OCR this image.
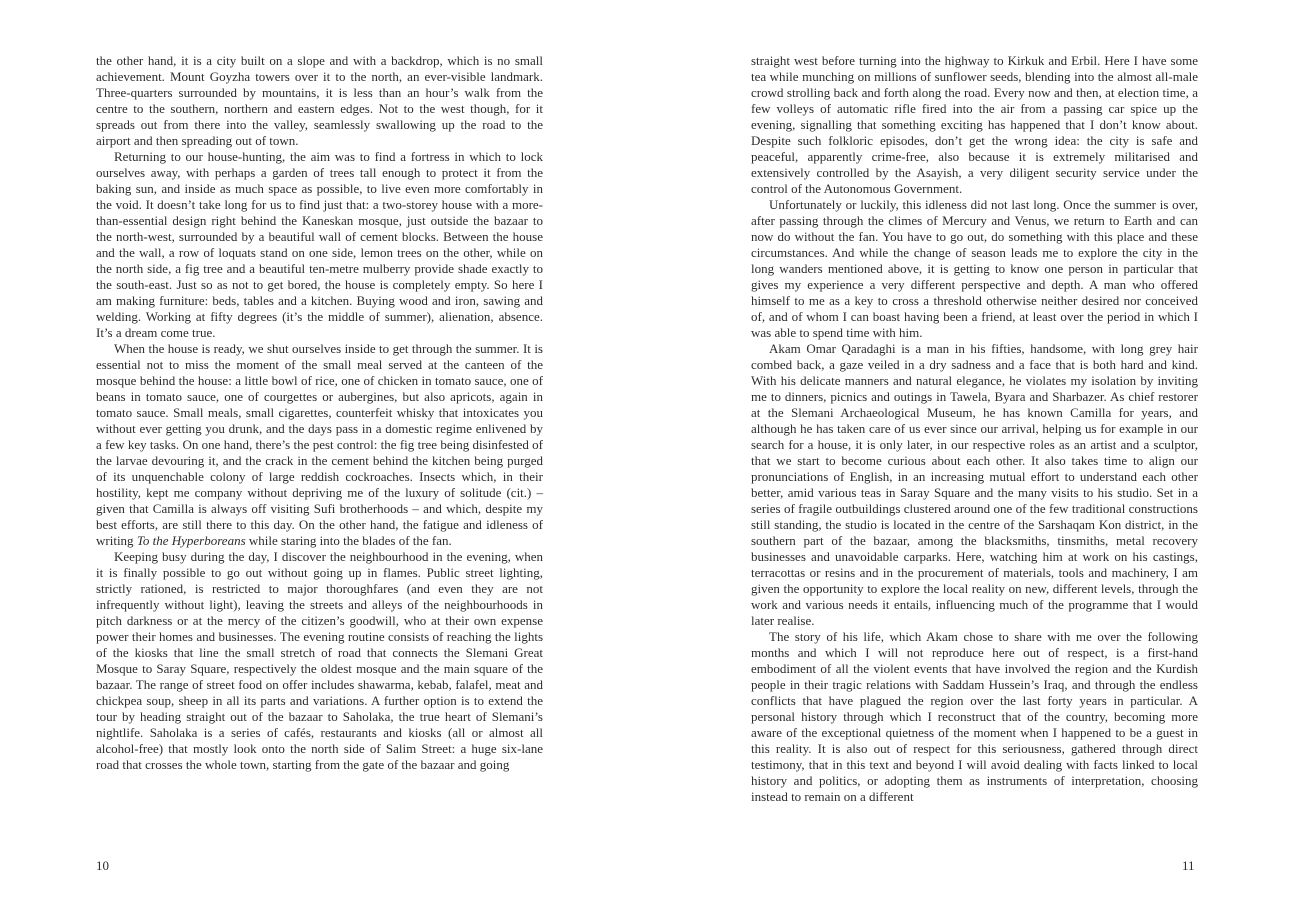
the other hand, it is a city built on a slope and with a backdrop, which is no small achievement. Mount Goyzha towers over it to the north, an ever-visible landmark. Three-quarters surrounded by mountains, it is less than an hour’s walk from the centre to the southern, northern and eastern edges. Not to the west though, for it spreads out from there into the valley, seamlessly swallowing up the road to the airport and then spreading out of town.

Returning to our house-hunting, the aim was to find a fortress in which to lock ourselves away, with perhaps a garden of trees tall enough to protect it from the baking sun, and inside as much space as possible, to live even more comfortably in the void. It doesn’t take long for us to find just that: a two-storey house with a more-than-essential design right behind the Kaneskan mosque, just outside the bazaar to the north-west, surrounded by a beautiful wall of cement blocks. Between the house and the wall, a row of loquats stand on one side, lemon trees on the other, while on the north side, a fig tree and a beautiful ten-metre mulberry provide shade exactly to the south-east. Just so as not to get bored, the house is completely empty. So here I am making furniture: beds, tables and a kitchen. Buying wood and iron, sawing and welding. Working at fifty degrees (it’s the middle of summer), alienation, absence. It’s a dream come true.

When the house is ready, we shut ourselves inside to get through the summer. It is essential not to miss the moment of the small meal served at the canteen of the mosque behind the house: a little bowl of rice, one of chicken in tomato sauce, one of beans in tomato sauce, one of courgettes or aubergines, but also apricots, again in tomato sauce. Small meals, small cigarettes, counterfeit whisky that intoxicates you without ever getting you drunk, and the days pass in a domestic regime enlivened by a few key tasks. On one hand, there’s the pest control: the fig tree being disinfested of the larvae devouring it, and the crack in the cement behind the kitchen being purged of its unquenchable colony of large reddish cockroaches. Insects which, in their hostility, kept me company without depriving me of the luxury of solitude (cit.) – given that Camilla is always off visiting Sufi brotherhoods – and which, despite my best efforts, are still there to this day. On the other hand, the fatigue and idleness of writing To the Hyperboreans while staring into the blades of the fan.

Keeping busy during the day, I discover the neighbourhood in the evening, when it is finally possible to go out without going up in flames. Public street lighting, strictly rationed, is restricted to major thoroughfares (and even they are not infrequently without light), leaving the streets and alleys of the neighbourhoods in pitch darkness or at the mercy of the citizen’s goodwill, who at their own expense power their homes and businesses. The evening routine consists of reaching the lights of the kiosks that line the small stretch of road that connects the Slemani Great Mosque to Saray Square, respectively the oldest mosque and the main square of the bazaar. The range of street food on offer includes shawarma, kebab, falafel, meat and chickpea soup, sheep in all its parts and variations. A further option is to extend the tour by heading straight out of the bazaar to Saholaka, the true heart of Slemani’s nightlife. Saholaka is a series of cafés, restaurants and kiosks (all or almost all alcohol-free) that mostly look onto the north side of Salim Street: a huge six-lane road that crosses the whole town, starting from the gate of the bazaar and going

straight west before turning into the highway to Kirkuk and Erbil. Here I have some tea while munching on millions of sunflower seeds, blending into the almost all-male crowd strolling back and forth along the road. Every now and then, at election time, a few volleys of automatic rifle fired into the air from a passing car spice up the evening, signalling that something exciting has happened that I don’t know about. Despite such folkloric episodes, don’t get the wrong idea: the city is safe and peaceful, apparently crime-free, also because it is extremely militarised and extensively controlled by the Asayish, a very diligent security service under the control of the Autonomous Government.

Unfortunately or luckily, this idleness did not last long. Once the summer is over, after passing through the climes of Mercury and Venus, we return to Earth and can now do without the fan. You have to go out, do something with this place and these circumstances. And while the change of season leads me to explore the city in the long wanders mentioned above, it is getting to know one person in particular that gives my experience a very different perspective and depth. A man who offered himself to me as a key to cross a threshold otherwise neither desired nor conceived of, and of whom I can boast having been a friend, at least over the period in which I was able to spend time with him.

Akam Omar Qaradaghi is a man in his fifties, handsome, with long grey hair combed back, a gaze veiled in a dry sadness and a face that is both hard and kind. With his delicate manners and natural elegance, he violates my isolation by inviting me to dinners, picnics and outings in Tawela, Byara and Sharbazer. As chief restorer at the Slemani Archaeological Museum, he has known Camilla for years, and although he has taken care of us ever since our arrival, helping us for example in our search for a house, it is only later, in our respective roles as an artist and a sculptor, that we start to become curious about each other. It also takes time to align our pronunciations of English, in an increasing mutual effort to understand each other better, amid various teas in Saray Square and the many visits to his studio. Set in a series of fragile outbuildings clustered around one of the few traditional constructions still standing, the studio is located in the centre of the Sarshaqam Kon district, in the southern part of the bazaar, among the blacksmiths, tinsmiths, metal recovery businesses and unavoidable carparks. Here, watching him at work on his castings, terracottas or resins and in the procurement of materials, tools and machinery, I am given the opportunity to explore the local reality on new, different levels, through the work and various needs it entails, influencing much of the programme that I would later realise.

The story of his life, which Akam chose to share with me over the following months and which I will not reproduce here out of respect, is a first-hand embodiment of all the violent events that have involved the region and the Kurdish people in their tragic relations with Saddam Hussein’s Iraq, and through the endless conflicts that have plagued the region over the last forty years in particular. A personal history through which I reconstruct that of the country, becoming more aware of the exceptional quietness of the moment when I happened to be a guest in this reality. It is also out of respect for this seriousness, gathered through direct testimony, that in this text and beyond I will avoid dealing with facts linked to local history and politics, or adopting them as instruments of interpretation, choosing instead to remain on a different

10	11
